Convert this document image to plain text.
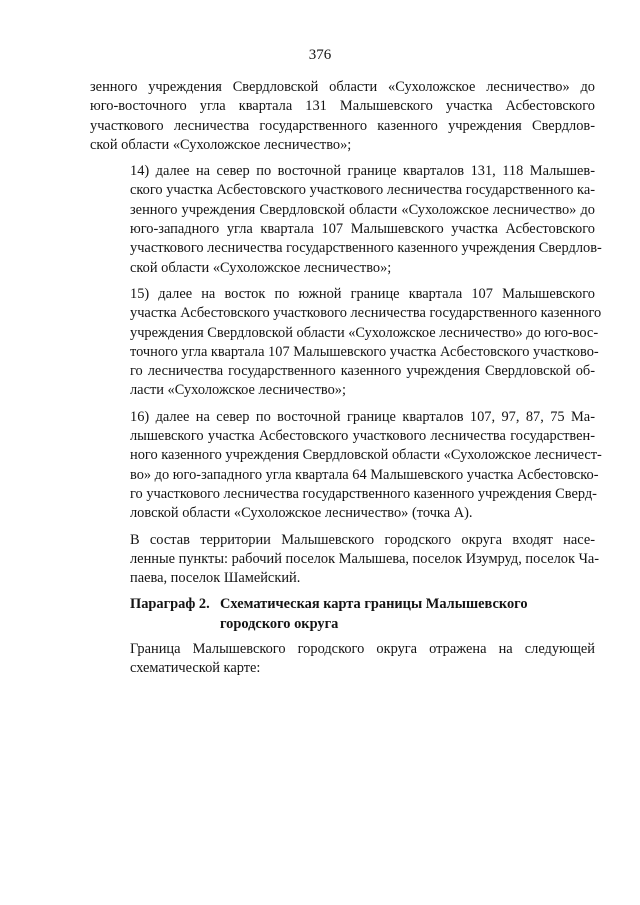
376

зенного учреждения Свердловской области «Сухоложское лесничество» до
юго-восточного угла квартала 131 Малышевского участка Асбестовского
участкового лесничества государственного казенного учреждения Свердлов-
ской области «Сухоложское лесничество»;

14) далее на север по восточной границе кварталов 131, 118 Малышев-
ского участка Асбестовского участкового лесничества государственного ка-
зенного учреждения Свердловской области «Сухоложское лесничество» до
юго-западного угла квартала 107 Малышевского участка Асбестовского
участкового лесничества государственного казенного учреждения Свердлов-
ской области «Сухоложское лесничество»;

15) далее на восток по южной границе квартала 107 Малышевского
участка Асбестовского участкового лесничества государственного казенного
учреждения Свердловской области «Сухоложское лесничество» до юго-вос-
точного угла квартала 107 Малышевского участка Асбестовского участково-
го лесничества государственного казенного учреждения Свердловской об-
ласти «Сухоложское лесничество»;

16) далее на север по восточной границе кварталов 107, 97, 87, 75 Ма-
лышевского участка Асбестовского участкового лесничества государствен-
ного казенного учреждения Свердловской области «Сухоложское лесничест-
во» до юго-западного угла квартала 64 Малышевского участка Асбестовско-
го участкового лесничества государственного казенного учреждения Сверд-
ловской области «Сухоложское лесничество» (точка А).

В состав территории Малышевского городского округа входят насе-
ленные пункты: рабочий поселок Малышева, поселок Изумруд, поселок Ча-
паева, поселок Шамейский.

Параграф 2. Схематическая карта границы Малышевского
городского округа

Граница Малышевского городского округа отражена на следующей
схематической карте:
